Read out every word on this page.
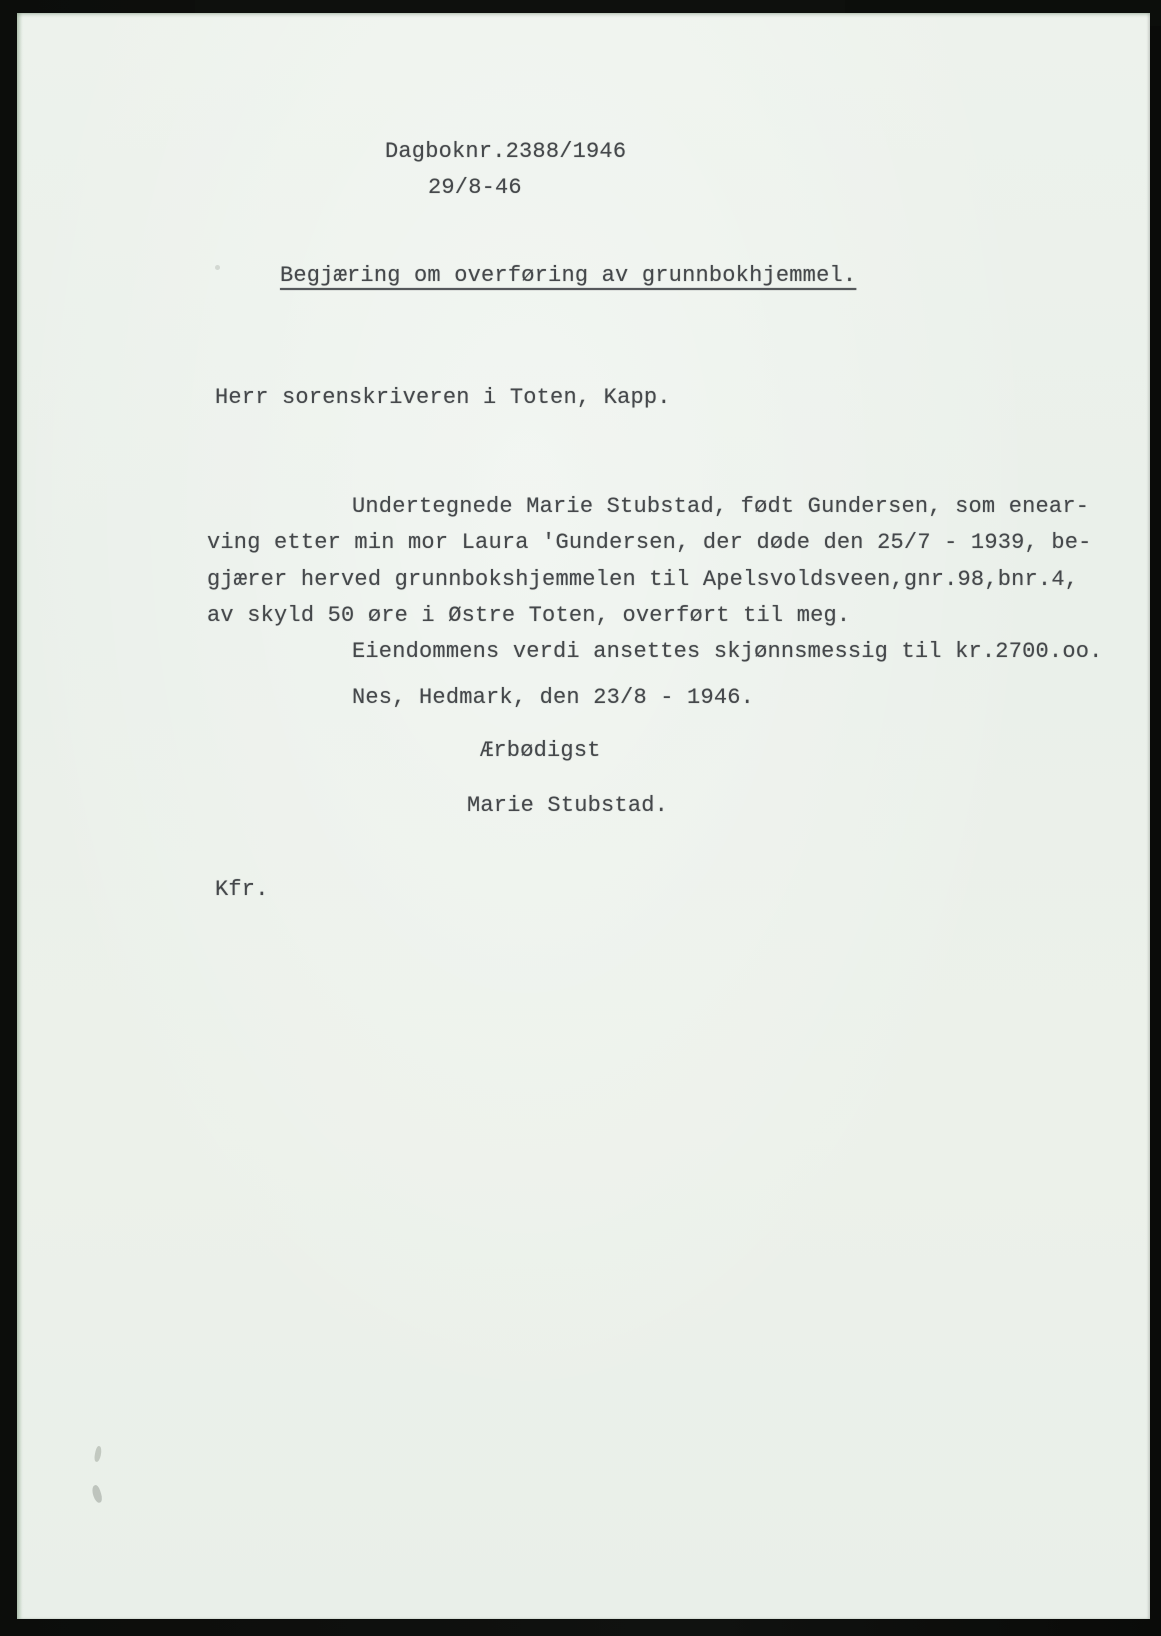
Dagboknr.2388/1946
29/8-46
Begjæring om overføring av grunnbokhjemmel.
Herr sorenskriveren i Toten, Kapp.
Undertegnede Marie Stubstad, født Gundersen, som enear-
ving etter min mor Laura 'Gundersen, der døde den 25/7 - 1939, be-
gjærer herved grunnbokshjemmelen til Apelsvoldsveen,gnr.98,bnr.4,
av skyld 50 øre i Østre Toten, overført til meg.
Eiendommens verdi ansettes skjønnsmessig til kr.2700.oo.
Nes, Hedmark, den 23/8 - 1946.
Ærbødigst
Marie Stubstad.
Kfr.
